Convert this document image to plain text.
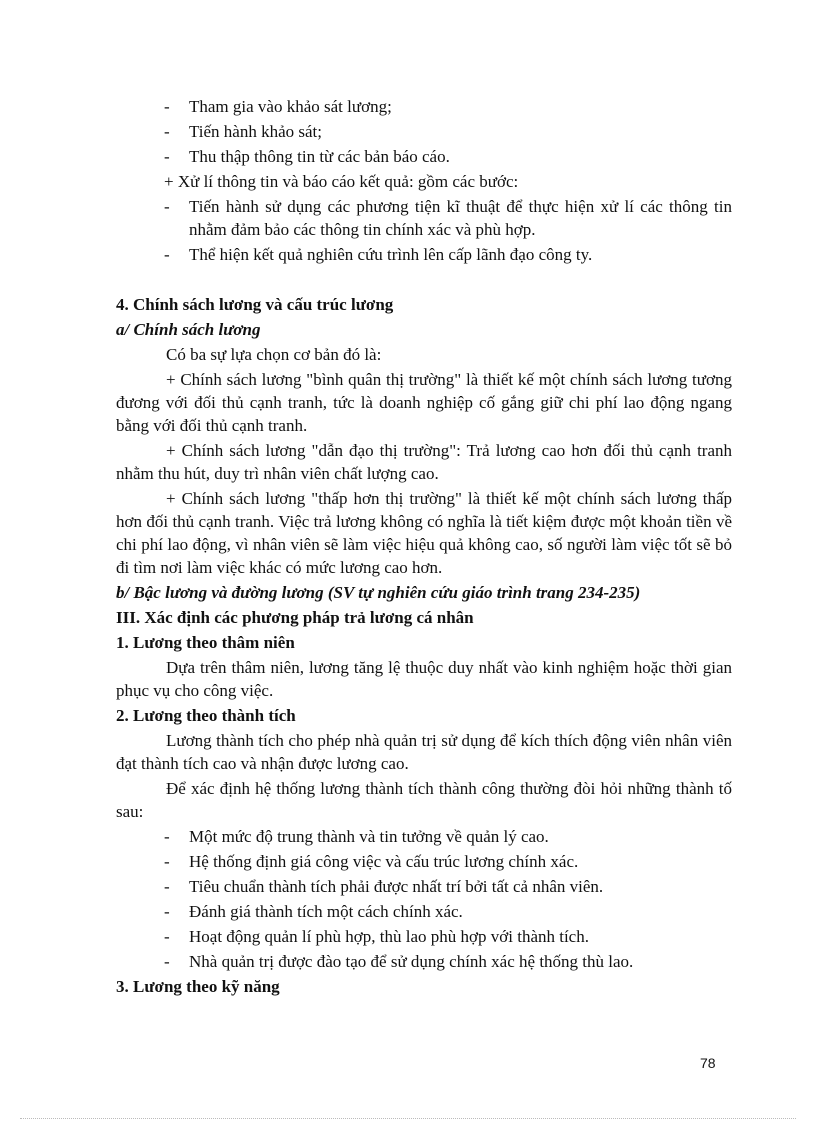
-	Tham gia vào khảo sát lương;
-	Tiến hành khảo sát;
-	Thu thập thông tin từ các bản báo cáo.
+ Xử lí thông tin và báo cáo kết quả: gồm các bước:
-	Tiến hành sử dụng các phương tiện kĩ thuật để thực hiện xử lí các thông tin nhằm đảm bảo các thông tin chính xác và phù hợp.
-	Thể hiện kết quả nghiên cứu trình lên cấp lãnh đạo công ty.
4. Chính sách lương và cấu trúc lương
a/ Chính sách lương

Có ba sự lựa chọn cơ bản đó là:

+ Chính sách lương "bình quân thị trường" là thiết kế một chính sách lương tương đương với đối thủ cạnh tranh, tức là doanh nghiệp cố gắng giữ chi phí lao động ngang bằng với đối thủ cạnh tranh.

+ Chính sách lương "dẫn đạo thị trường": Trả lương cao hơn đối thủ cạnh tranh nhằm thu hút, duy trì nhân viên chất lượng cao.

+ Chính sách lương "thấp hơn thị trường" là thiết kế một chính sách lương thấp hơn đối thủ cạnh tranh. Việc trả lương không có nghĩa là tiết kiệm được một khoản tiền về chi phí lao động, vì nhân viên sẽ làm việc hiệu quả không cao, số người làm việc tốt sẽ bỏ đi tìm nơi làm việc khác có mức lương cao hơn.

b/ Bậc lương và đường lương (SV tự nghiên cứu giáo trình trang 234-235)
III. Xác định các phương pháp trả lương cá nhân
1. Lương theo thâm niên

Dựa trên thâm niên, lương tăng lệ thuộc duy nhất vào kinh nghiệm hoặc thời gian phục vụ cho công việc.

2. Lương theo thành tích

Lương thành tích cho phép nhà quản trị sử dụng để kích thích động viên nhân viên đạt thành tích cao và nhận được lương cao.

Để xác định hệ thống lương thành tích thành công thường đòi hỏi những thành tố sau:

-	Một mức độ trung thành và tin tưởng về quản lý cao.
-	Hệ thống định giá công việc và cấu trúc lương chính xác.
-	Tiêu chuẩn thành tích phải được nhất trí bởi tất cả nhân viên.
-	Đánh giá thành tích một cách chính xác.
-	Hoạt động quản lí phù hợp, thù lao phù hợp với thành tích.
-	Nhà quản trị được đào tạo để sử dụng chính xác hệ thống thù lao.
3. Lương theo kỹ năng
78
